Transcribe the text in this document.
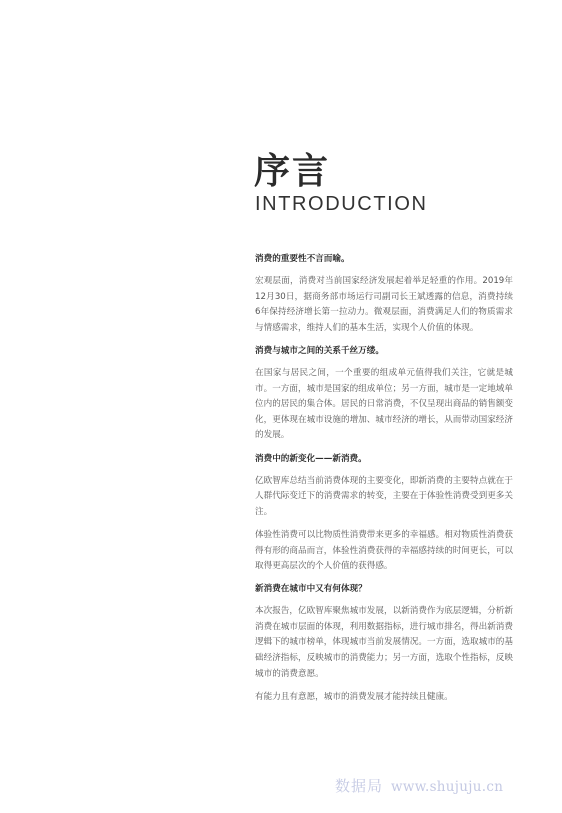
序言
INTRODUCTION
消费的重要性不言而喻。

宏观层面，消费对当前国家经济发展起着举足轻重的作用。2019年12月30日，据商务部市场运行司副司长王斌透露的信息，消费持续6年保持经济增长第一拉动力。微观层面，消费满足人们的物质需求与情感需求，维持人们的基本生活，实现个人价值的体现。

消费与城市之间的关系千丝万缕。

在国家与居民之间，一个重要的组成单元值得我们关注，它就是城市。一方面，城市是国家的组成单位；另一方面，城市是一定地域单位内的居民的集合体。居民的日常消费，不仅呈现出商品的销售额变化，更体现在城市设施的增加、城市经济的增长，从而带动国家经济的发展。

消费中的新变化——新消费。

亿欧智库总结当前消费体现的主要变化，即新消费的主要特点就在于人群代际变迁下的消费需求的转变，主要在于体验性消费受到更多关注。

体验性消费可以比物质性消费带来更多的幸福感。相对物质性消费获得有形的商品而言，体验性消费获得的幸福感持续的时间更长，可以取得更高层次的个人价值的获得感。

新消费在城市中又有何体现？

本次报告，亿欧智库聚焦城市发展，以新消费作为底层逻辑，分析新消费在城市层面的体现，利用数据指标，进行城市排名，得出新消费逻辑下的城市榜单，体现城市当前发展情况。一方面，选取城市的基础经济指标，反映城市的消费能力；另一方面，选取个性指标，反映城市的消费意愿。

有能力且有意愿，城市的消费发展才能持续且健康。

数据局 www.shujuju.cn
